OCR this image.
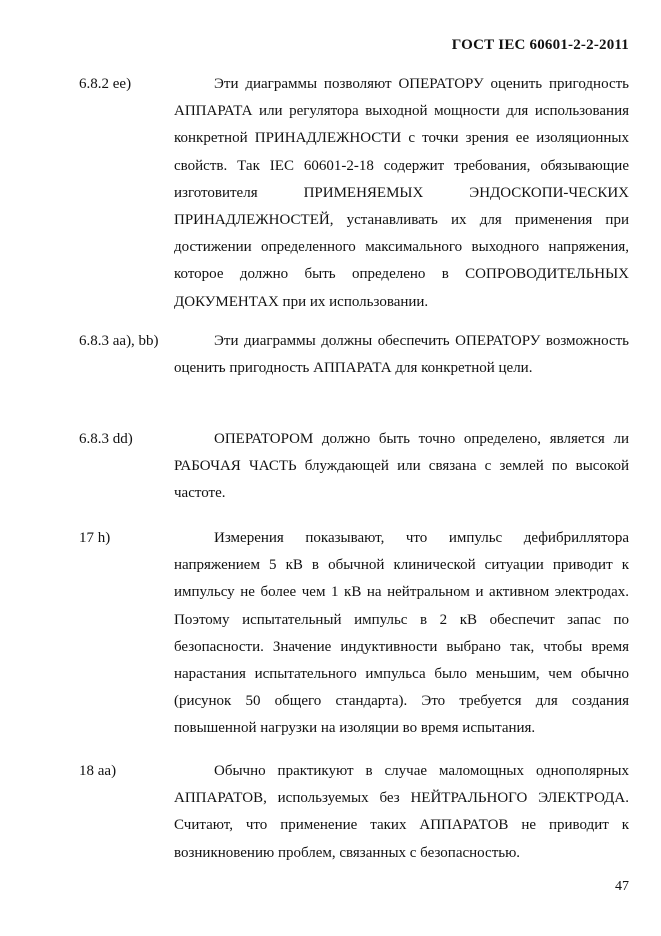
ГОСТ IEC 60601-2-2-2011
6.8.2 ee)	Эти диаграммы позволяют ОПЕРАТОРУ оценить пригодность АППАРАТА или регулятора выходной мощности для использования конкретной ПРИНАДЛЕЖНОСТИ с точки зрения ее изоляционных свойств. Так IEC 60601-2-18 содержит требования, обязывающие изготовителя ПРИМЕНЯЕМЫХ ЭНДОСКОПИ-ЧЕСКИХ ПРИНАДЛЕЖНОСТЕЙ, устанавливать их для применения при достижении определенного максимального выходного напряжения, которое должно быть определено в СОПРОВОДИТЕЛЬНЫХ ДОКУМЕНТАХ при их использовании.

6.8.3 aa), bb)	Эти диаграммы должны обеспечить ОПЕРАТОРУ возможность оценить пригодность АППАРАТА для конкретной цели.

6.8.3 dd)	ОПЕРАТОРОМ должно быть точно определено, является ли РАБОЧАЯ ЧАСТЬ блуждающей или связана с землей по высокой частоте.

17 h)	Измерения показывают, что импульс дефибриллятора напряжением 5 кВ в обычной клинической ситуации приводит к импульсу не более чем 1 кВ на нейтральном и активном электродах. Поэтому испытательный импульс в 2 кВ обеспечит запас по безопасности. Значение индуктивности выбрано так, чтобы время нарастания испытательного импульса было меньшим, чем обычно (рисунок 50 общего стандарта). Это требуется для создания повышенной нагрузки на изоляции во время испытания.

18 aa)	Обычно практикуют в случае маломощных однополярных АППАРАТОВ, используемых без НЕЙТРАЛЬНОГО ЭЛЕКТРОДА. Считают, что применение таких АППАРАТОВ не приводит к возникновению проблем, связанных с безопасностью.

47
